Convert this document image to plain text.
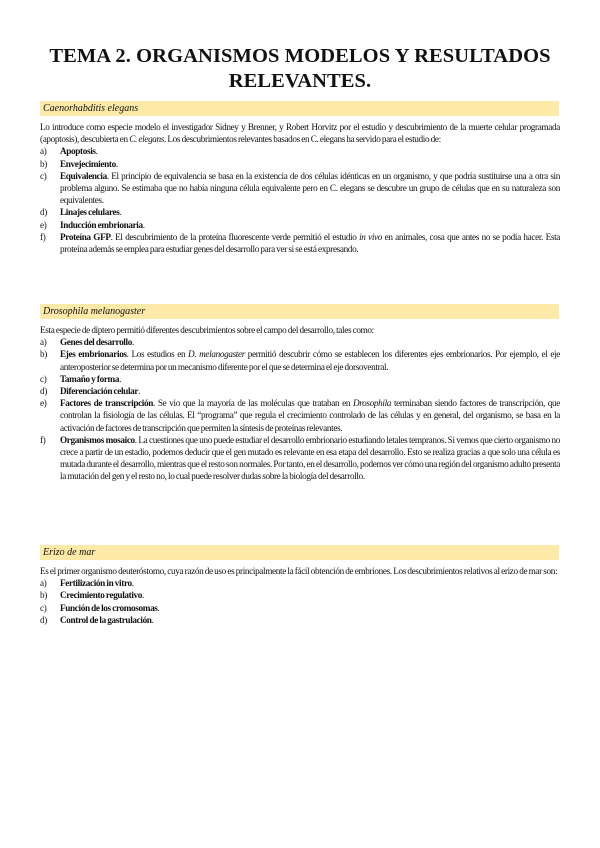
TEMA 2. ORGANISMOS MODELOS Y RESULTADOS
RELEVANTES.
Caenorhabditis elegans
Lo introduce como especie modelo el investigador Sidney y Brenner, y Robert Horvitz por el estudio y descubrimiento de la muerte celular programada (apoptosis), descubierta en C. elegans. Los descubrimientos relevantes basados en C. elegans ha servido para el estudio de:
a) Apoptosis.
b) Envejecimiento.
c) Equivalencia. El principio de equivalencia se basa en la existencia de dos células idénticas en un organismo, y que podría sustituirse una a otra sin problema alguno. Se estimaba que no había ninguna célula equivalente pero en C. elegans se descubre un grupo de células que en su naturaleza son equivalentes.
d) Linajes celulares.
e) Inducción embrionaria.
f) Proteína GFP. El descubrimiento de la proteína fluorescente verde permitió el estudio in vivo en animales, cosa que antes no se podía hacer. Esta proteína además se emplea para estudiar genes del desarrollo para ver si se está expresando.
Drosophila melanogaster
Esta especie de díptero permitió diferentes descubrimientos sobre el campo del desarrollo, tales como:
a) Genes del desarrollo.
b) Ejes embrionarios. Los estudios en D. melanogaster permitió descubrir cómo se establecen los diferentes ejes embrionarios. Por ejemplo, el eje anteroposterior se determina por un mecanismo diferente por el que se determina el eje dorsoventral.
c) Tamaño y forma.
d) Diferenciación celular.
e) Factores de transcripción. Se vio que la mayoría de las moléculas que trataban en Drosophila terminaban siendo factores de transcripción, que controlan la fisiología de las células. El “programa” que regula el crecimiento controlado de las células y en general, del organismo, se basa en la activación de factores de transcripción que permiten la síntesis de proteínas relevantes.
f) Organismos mosaico. La cuestiones que uno puede estudiar el desarrollo embrionario estudiando letales tempranos. Si vemos que cierto organismo no crece a partir de un estadio, podemos deducir que el gen mutado es relevante en esa etapa del desarrollo. Esto se realiza gracias a que solo una célula es mutada durante el desarrollo, mientras que el resto son normales. Por tanto, en el desarrollo, podemos ver cómo una región del organismo adulto presenta la mutación del gen y el resto no, lo cual puede resolver dudas sobre la biología del desarrollo.
Erizo de mar
Es el primer organismo deuteróstomo, cuya razón de uso es principalmente la fácil obtención de embriones. Los descubrimientos relativos al erizo de mar son:
a) Fertilización in vitro.
b) Crecimiento regulativo.
c) Función de los cromosomas.
d) Control de la gastrulación.
